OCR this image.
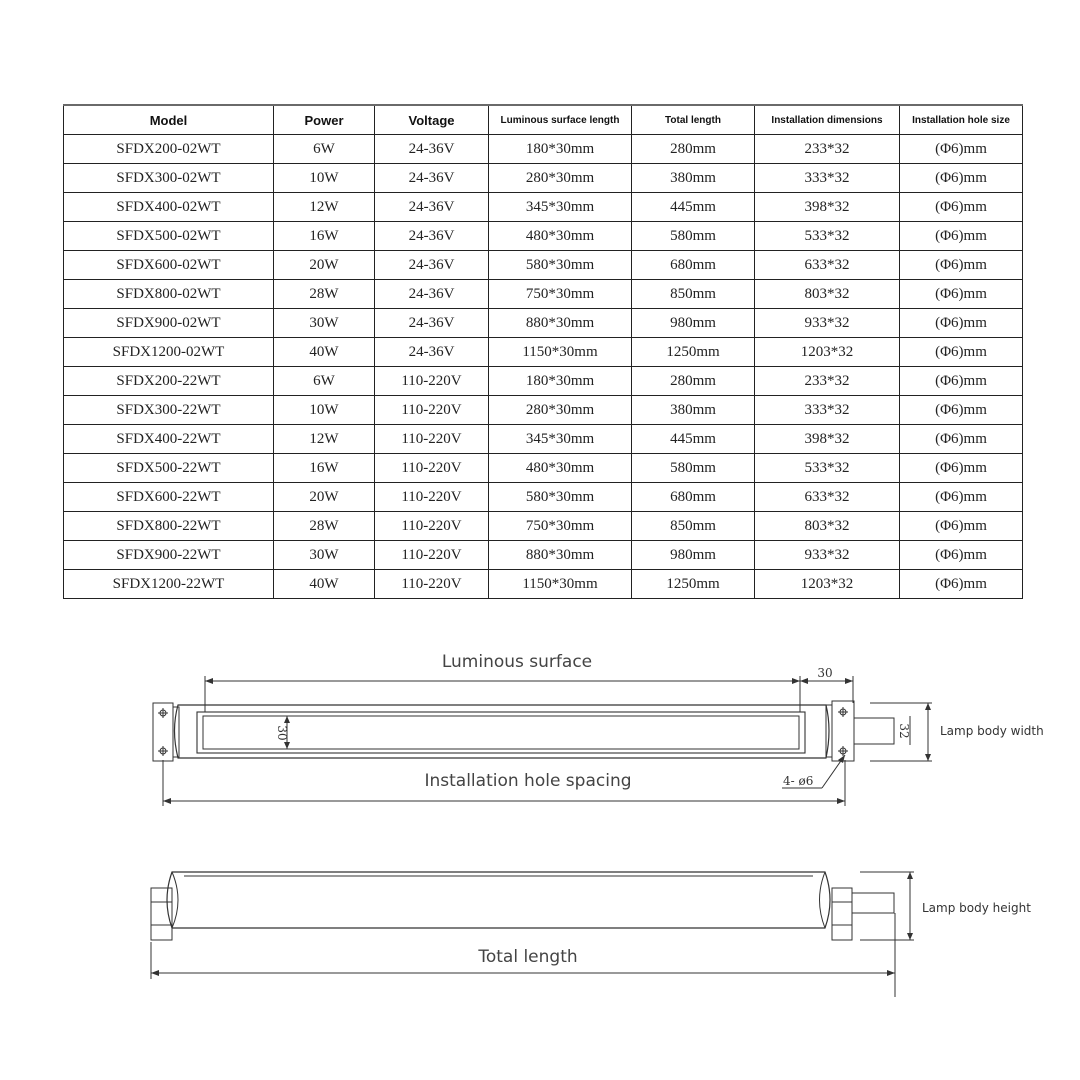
Model	Power	Voltage	Luminous surface length	Total length	Installation dimensions	Installation hole size
SFDX200-02WT	6W	24-36V	180*30mm	280mm	233*32	(Φ6)mm
SFDX300-02WT	10W	24-36V	280*30mm	380mm	333*32	(Φ6)mm
SFDX400-02WT	12W	24-36V	345*30mm	445mm	398*32	(Φ6)mm
SFDX500-02WT	16W	24-36V	480*30mm	580mm	533*32	(Φ6)mm
SFDX600-02WT	20W	24-36V	580*30mm	680mm	633*32	(Φ6)mm
SFDX800-02WT	28W	24-36V	750*30mm	850mm	803*32	(Φ6)mm
SFDX900-02WT	30W	24-36V	880*30mm	980mm	933*32	(Φ6)mm
SFDX1200-02WT	40W	24-36V	1150*30mm	1250mm	1203*32	(Φ6)mm
SFDX200-22WT	6W	110-220V	180*30mm	280mm	233*32	(Φ6)mm
SFDX300-22WT	10W	110-220V	280*30mm	380mm	333*32	(Φ6)mm
SFDX400-22WT	12W	110-220V	345*30mm	445mm	398*32	(Φ6)mm
SFDX500-22WT	16W	110-220V	480*30mm	580mm	533*32	(Φ6)mm
SFDX600-22WT	20W	110-220V	580*30mm	680mm	633*32	(Φ6)mm
SFDX800-22WT	28W	110-220V	750*30mm	850mm	803*32	(Φ6)mm
SFDX900-22WT	30W	110-220V	880*30mm	980mm	933*32	(Φ6)mm
SFDX1200-22WT	40W	110-220V	1150*30mm	1250mm	1203*32	(Φ6)mm
Luminous surface
30
30	32 Lamp body width
Installation hole spacing	4- ø6
Lamp body height
Total length
